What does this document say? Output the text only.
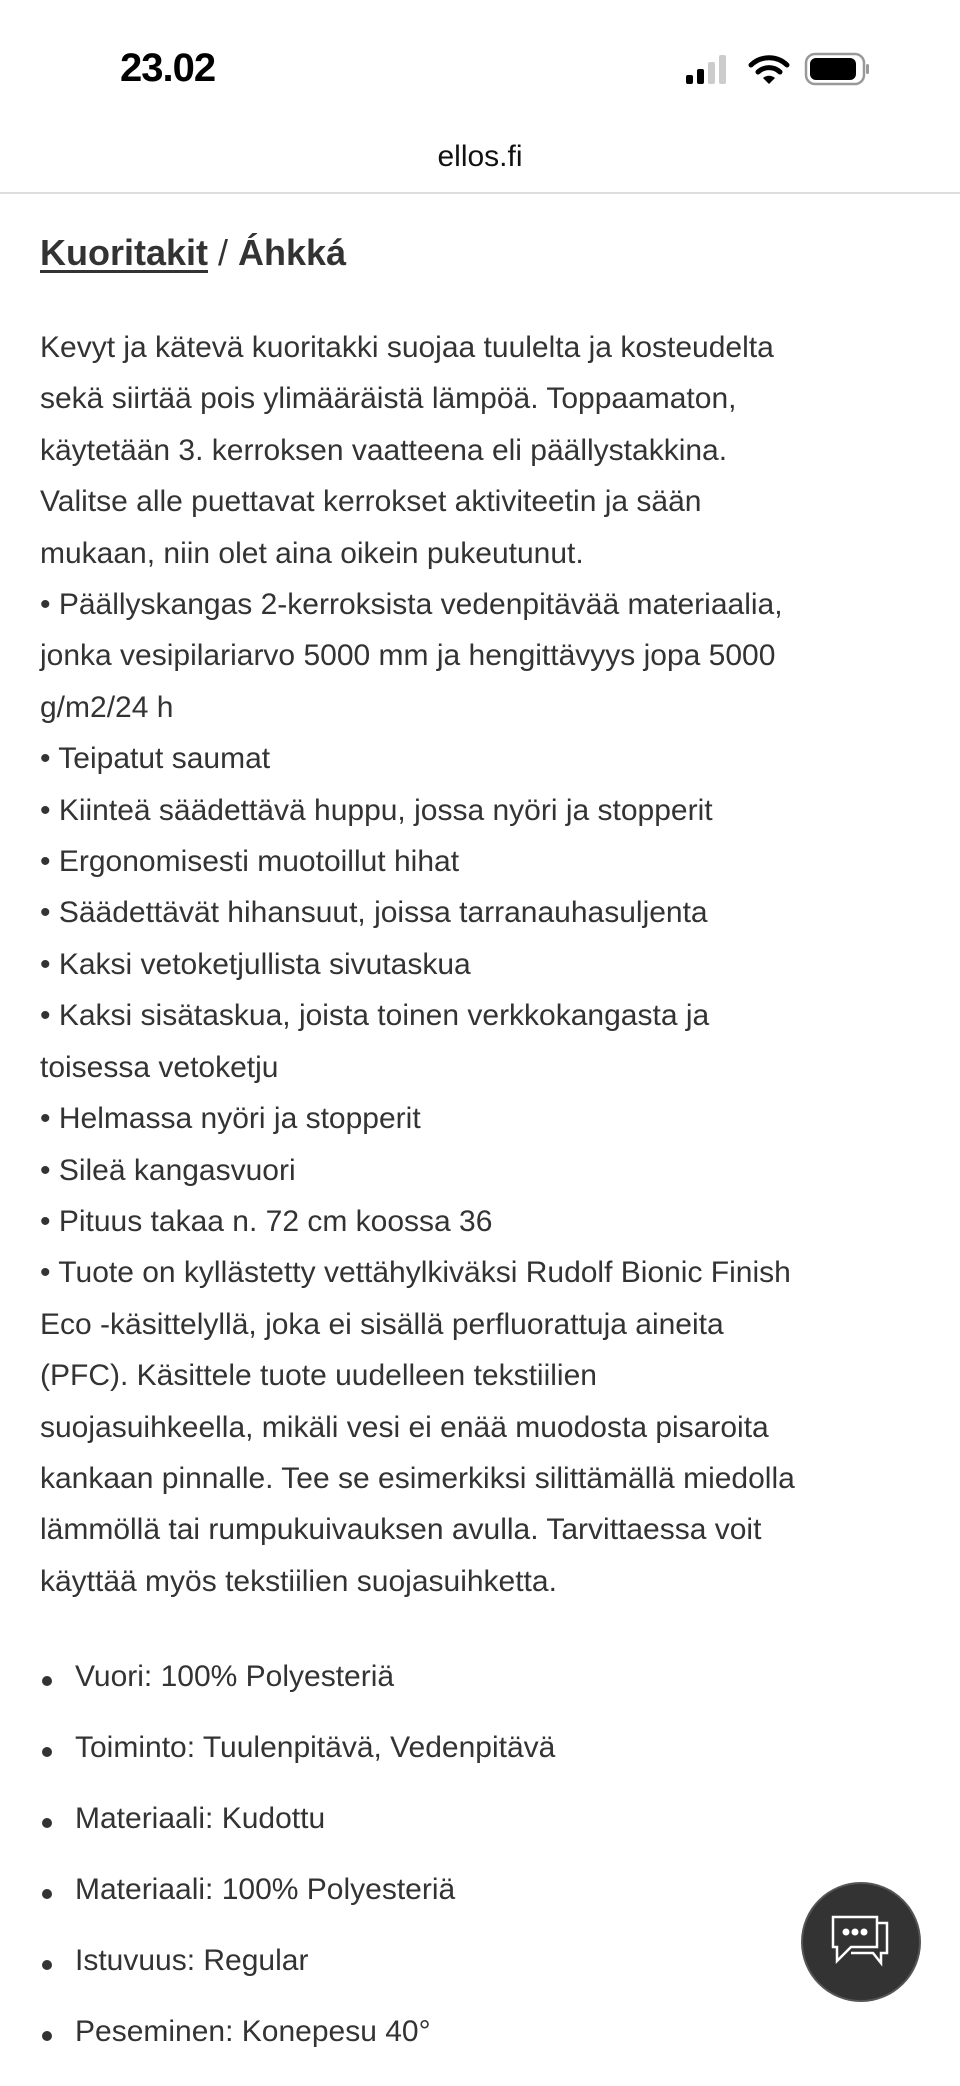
23.02
ellos.fi
Kuoritakit / Áhkká
Kevyt ja kätevä kuoritakki suojaa tuulelta ja kosteudelta
sekä siirtää pois ylimääräistä lämpöä. Toppaamaton,
käytetään 3. kerroksen vaatteena eli päällystakkina.
Valitse alle puettavat kerrokset aktiviteetin ja sään
mukaan, niin olet aina oikein pukeutunut.
• Päällyskangas 2-kerroksista vedenpitävää materiaalia,
jonka vesipilariarvo 5000 mm ja hengittävyys jopa 5000
g/m2/24 h
• Teipatut saumat
• Kiinteä säädettävä huppu, jossa nyöri ja stopperit
• Ergonomisesti muotoillut hihat
• Säädettävät hihansuut, joissa tarranauhasuljenta
• Kaksi vetoketjullista sivutaskua
• Kaksi sisätaskua, joista toinen verkkokangasta ja
toisessa vetoketju
• Helmassa nyöri ja stopperit
• Sileä kangasvuori
• Pituus takaa n. 72 cm koossa 36
• Tuote on kyllästetty vettähylkiväksi Rudolf Bionic Finish
Eco -käsittelyllä, joka ei sisällä perfluorattuja aineita
(PFC). Käsittele tuote uudelleen tekstiilien
suojasuihkeella, mikäli vesi ei enää muodosta pisaroita
kankaan pinnalle. Tee se esimerkiksi silittämällä miedolla
lämmöllä tai rumpukuivauksen avulla. Tarvittaessa voit
käyttää myös tekstiilien suojasuihketta.
Vuori: 100% Polyesteriä
Toiminto: Tuulenpitävä, Vedenpitävä
Materiaali: Kudottu
Materiaali: 100% Polyesteriä
Istuvuus: Regular
Peseminen: Konepesu 40°
